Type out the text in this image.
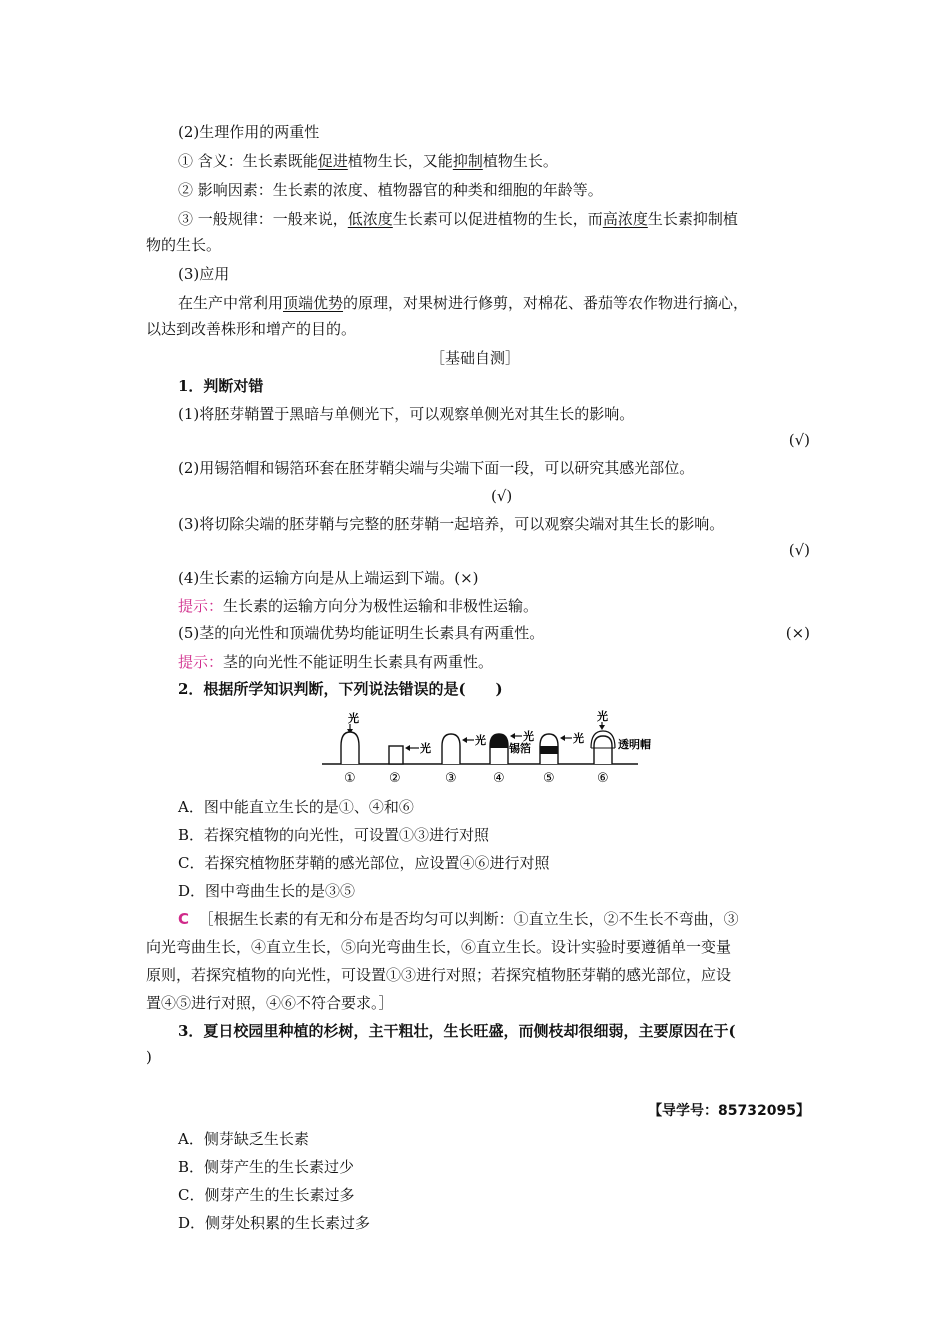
(2)生理作用的两重性
① 含义：生长素既能促进植物生长，又能抑制植物生长。
② 影响因素：生长素的浓度、植物器官的种类和细胞的年龄等。
③ 一般规律：一般来说，低浓度生长素可以促进植物的生长，而高浓度生长素抑制植
物的生长。
(3)应用
在生产中常利用顶端优势的原理，对果树进行修剪，对棉花、番茄等农作物进行摘心，
以达到改善株形和增产的目的。
［基础自测］
1．判断对错
(1)将胚芽鞘置于黑暗与单侧光下，可以观察单侧光对其生长的影响。
(√)
(2)用锡箔帽和锡箔环套在胚芽鞘尖端与尖端下面一段，可以研究其感光部位。
(√)
(3)将切除尖端的胚芽鞘与完整的胚芽鞘一起培养，可以观察尖端对其生长的影响。
(√)
(4)生长素的运输方向是从上端运到下端。(×)
提示：生长素的运输方向分为极性运输和非极性运输。
(5)茎的向光性和顶端优势均能证明生长素具有两重性。	(×)
提示：茎的向光性不能证明生长素具有两重性。
2．根据所学知识判断，下列说法错误的是(　　)
光
①
光
②
光
③
光
锡箔
④
光
⑤
光
透明帽
⑥
A．图中能直立生长的是①、④和⑥
B．若探究植物的向光性，可设置①③进行对照
C．若探究植物胚芽鞘的感光部位，应设置④⑥进行对照
D．图中弯曲生长的是③⑤
C ［根据生长素的有无和分布是否均匀可以判断：①直立生长，②不生长不弯曲，③
向光弯曲生长，④直立生长，⑤向光弯曲生长，⑥直立生长。设计实验时要遵循单一变量
原则，若探究植物的向光性，可设置①③进行对照；若探究植物胚芽鞘的感光部位，应设
置④⑤进行对照，④⑥不符合要求。］
3．夏日校园里种植的杉树，主干粗壮，生长旺盛，而侧枝却很细弱，主要原因在于(
)
【导学号：85732095】
A．侧芽缺乏生长素
B．侧芽产生的生长素过少
C．侧芽产生的生长素过多
D．侧芽处积累的生长素过多
